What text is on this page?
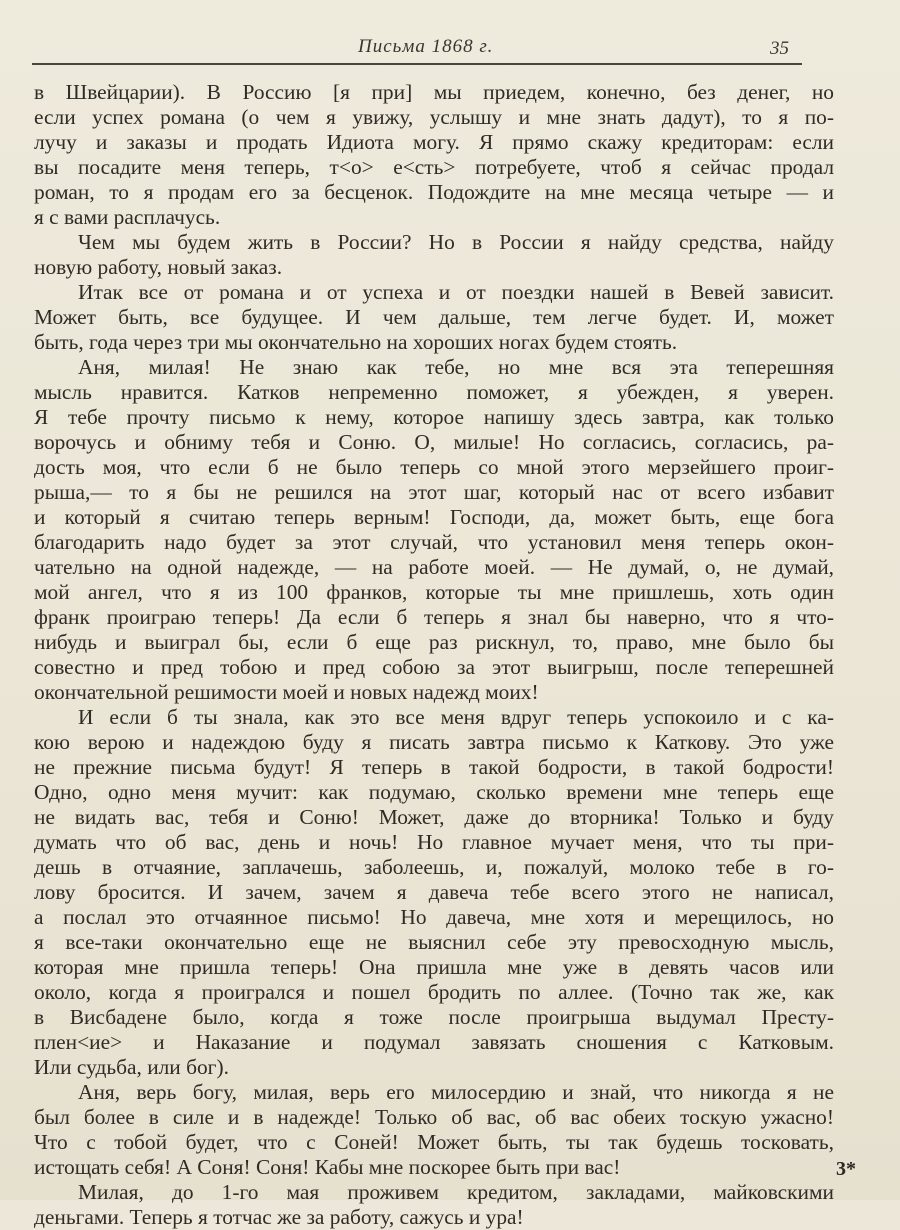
Письма 1868 г.	35
в Швейцарии). В Россию [я при] мы приедем, конечно, без денег, но
если успех романа (о чем я увижу, услышу и мне знать дадут), то я по-
лучу и заказы и продать Идиота могу. Я прямо скажу кредиторам: если
вы посадите меня теперь, т<о> е<сть> потребуете, чтоб я сейчас продал
роман, то я продам его за бесценок. Подождите на мне месяца четыре — и
я с вами расплачусь.
Чем мы будем жить в России? Но в России я найду средства, найду
новую работу, новый заказ.
Итак все от романа и от успеха и от поездки нашей в Вевей зависит.
Может быть, все будущее. И чем дальше, тем легче будет. И, может
быть, года через три мы окончательно на хороших ногах будем стоять.
Аня, милая! Не знаю как тебе, но мне вся эта теперешняя
мысль нравится. Катков непременно поможет, я убежден, я уверен.
Я тебе прочту письмо к нему, которое напишу здесь завтра, как только
ворочусь и обниму тебя и Соню. О, милые! Но согласись, согласись, ра-
дость моя, что если б не было теперь со мной этого мерзейшего проиг-
рыша,— то я бы не решился на этот шаг, который нас от всего избавит
и который я считаю теперь верным! Господи, да, может быть, еще бога
благодарить надо будет за этот случай, что установил меня теперь окон-
чательно на одной надежде, — на работе моей. — Не думай, о, не думай,
мой ангел, что я из 100 франков, которые ты мне пришлешь, хоть один
франк проиграю теперь! Да если б теперь я знал бы наверно, что я что-
нибудь и выиграл бы, если б еще раз рискнул, то, право, мне было бы
совестно и пред тобою и пред собою за этот выигрыш, после теперешней
окончательной решимости моей и новых надежд моих!
И если б ты знала, как это все меня вдруг теперь успокоило и с ка-
кою верою и надеждою буду я писать завтра письмо к Каткову. Это уже
не прежние письма будут! Я теперь в такой бодрости, в такой бодрости!
Одно, одно меня мучит: как подумаю, сколько времени мне теперь еще
не видать вас, тебя и Соню! Может, даже до вторника! Только и буду
думать что об вас, день и ночь! Но главное мучает меня, что ты при-
дешь в отчаяние, заплачешь, заболеешь, и, пожалуй, молоко тебе в го-
лову бросится. И зачем, зачем я давеча тебе всего этого не написал,
а послал это отчаянное письмо! Но давеча, мне хотя и мерещилось, но
я все-таки окончательно еще не выяснил себе эту превосходную мысль,
которая мне пришла теперь! Она пришла мне уже в девять часов или
около, когда я проигрался и пошел бродить по аллее. (Точно так же, как
в Висбадене было, когда я тоже после проигрыша выдумал Престу-
плен<ие> и Наказание и подумал завязать сношения с Катковым.
Или судьба, или бог).
Аня, верь богу, милая, верь его милосердию и знай, что никогда я не
был более в силе и в надежде! Только об вас, об вас обеих тоскую ужасно!
Что с тобой будет, что с Соней! Может быть, ты так будешь тосковать,
истощать себя! А Соня! Соня! Кабы мне поскорее быть при вас!
Милая, до 1-го мая проживем кредитом, закладами, майковскими
деньгами. Теперь я тотчас же за работу, сажусь и ура!
3*
